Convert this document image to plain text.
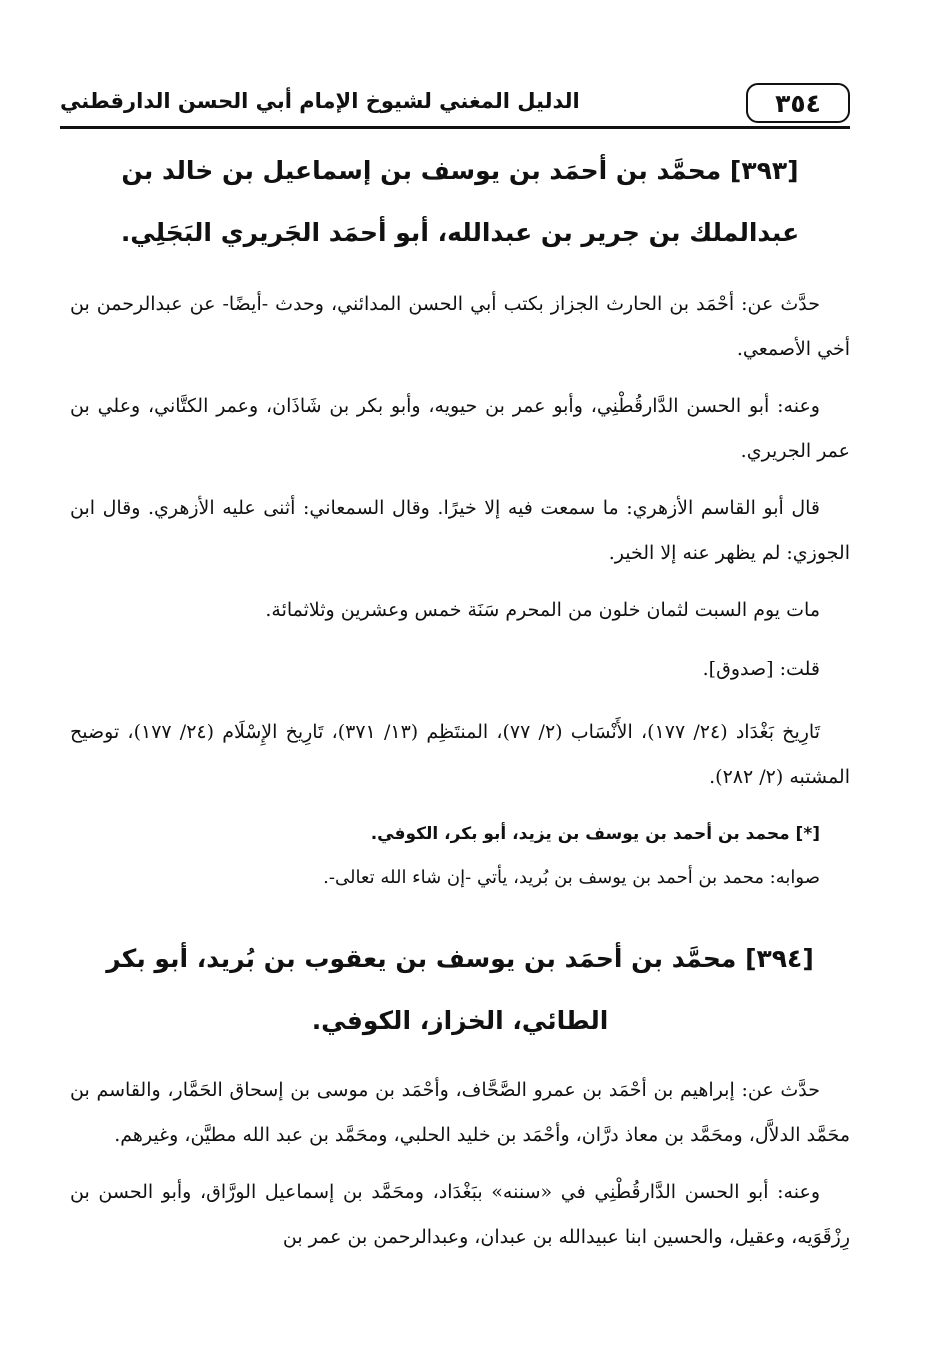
٣٥٤
الدليل المغني لشيوخ الإمام أبي الحسن الدارقطني

[٣٩٣] محمَّد بن أحمَد بن يوسف بن إسماعيل بن خالد بن عبدالملك بن جرير بن عبدالله، أبو أحمَد الجَريري البَجَلِي.

حدَّث عن: أحْمَد بن الحارث الجزاز بكتب أبي الحسن المدائني، وحدث -أيضًا- عن عبدالرحمن بن أخي الأصمعي.

وعنه: أبو الحسن الدَّارقُطْنِي، وأبو عمر بن حيويه، وأبو بكر بن شَاذَان، وعمر الكتَّاني، وعلي بن عمر الجريري.

قال أبو القاسم الأزهري: ما سمعت فيه إلا خيرًا. وقال السمعاني: أثنى عليه الأزهري. وقال ابن الجوزي: لم يظهر عنه إلا الخير.

مات يوم السبت لثمان خلون من المحرم سَنَة خمس وعشرين وثلاثمائة.

قلت: [صدوق].

تَارِيخ بَغْدَاد (٢٤/ ١٧٧)، الأَنْسَاب (٢/ ٧٧)، المنتَظِم (١٣/ ٣٧١)، تَارِيخ الإِسْلَام (٢٤/ ١٧٧)، توضيح المشتبه (٢/ ٢٨٢).

[*] محمد بن أحمد بن يوسف بن يزيد، أبو بكر، الكوفي.

صوابه: محمد بن أحمد بن يوسف بن بُريد، يأتي -إن شاء الله تعالى-.

[٣٩٤] محمَّد بن أحمَد بن يوسف بن يعقوب بن بُريد، أبو بكر الطائي، الخزاز، الكوفي.

حدَّث عن: إبراهيم بن أحْمَد بن عمرو الصَّحَّاف، وأحْمَد بن موسى بن إسحاق الحَمَّار، والقاسم بن محَمَّد الدلاَّل، ومحَمَّد بن معاذ درَّان، وأحْمَد بن خليد الحلبي، ومحَمَّد بن عبد الله مطيَّن، وغيرهم.

وعنه: أبو الحسن الدَّارقُطْنِي في «سننه» ببَغْدَاد، ومحَمَّد بن إسماعيل الورَّاق، وأبو الحسن بن رِزْقَوَيه، وعقيل، والحسين ابنا عبيدالله بن عبدان، وعبدالرحمن بن عمر بن
